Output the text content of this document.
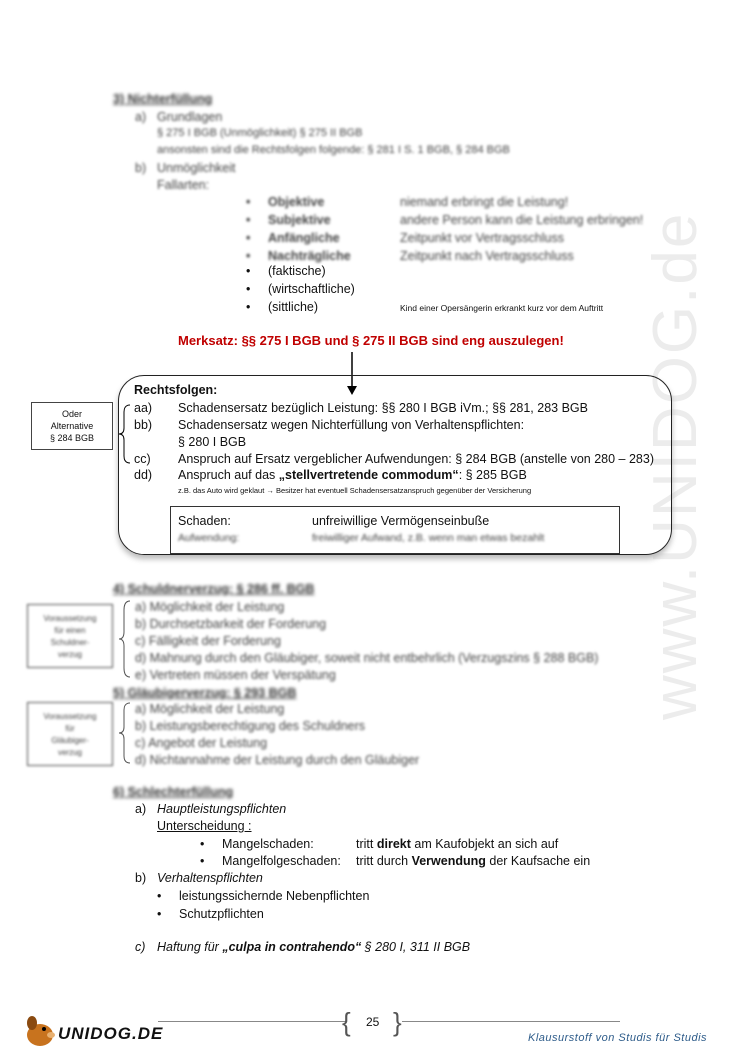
www.UNIDOG.de
3) Nichterfüllung
a) Grundlagen
§ 275 I BGB (Unmöglichkeit) § 275 II BGB
ansonsten sind die Rechtsfolgen folgende: § 281 I S. 1 BGB, § 284 BGB
b) Unmöglichkeit
Fallarten:
• Objektive	niemand erbringt die Leistung!
• Subjektive	andere Person kann die Leistung erbringen!
• Anfängliche	Zeitpunkt vor Vertragsschluss
• Nachträgliche	Zeitpunkt nach Vertragsschluss
• (faktische)
• (wirtschaftliche)
• (sittliche)	Kind einer Opersängerin erkrankt kurz vor dem Auftritt
Merksatz: §§ 275 I BGB und § 275 II BGB sind eng auszulegen!
Oder
Alternative
§ 284 BGB
Rechtsfolgen:
aa) Schadensersatz bezüglich Leistung: §§ 280 I BGB iVm.; §§ 281, 283 BGB
bb) Schadensersatz wegen Nichterfüllung von Verhaltenspflichten:
§ 280 I BGB
cc) Anspruch auf Ersatz vergeblicher Aufwendungen: § 284 BGB (anstelle von 280 – 283)
dd) Anspruch auf das „stellvertretende commodum“: § 285 BGB
z.B. das Auto wird geklaut → Besitzer hat eventuell Schadensersatzanspruch gegenüber der Versicherung
Schaden:	unfreiwillige Vermögenseinbuße
Aufwendung:	freiwilliger Aufwand, z.B. wenn man etwas bezahlt
4) Schuldnerverzug: § 286 ff. BGB
Voraussetzung
für einen
Schuldner-
verzug
a) Möglichkeit der Leistung
b) Durchsetzbarkeit der Forderung
c) Fälligkeit der Forderung
d) Mahnung durch den Gläubiger, soweit nicht entbehrlich (Verzugszins § 288 BGB)
e) Vertreten müssen der Verspätung
5) Gläubigerverzug: § 293 BGB
Voraussetzung
für
Gläubiger-
verzug
a) Möglichkeit der Leistung
b) Leistungsberechtigung des Schuldners
c) Angebot der Leistung
d) Nichtannahme der Leistung durch den Gläubiger
6) Schlechterfüllung
a) Hauptleistungspflichten
Unterscheidung :
• Mangelschaden:	tritt direkt am Kaufobjekt an sich auf
• Mangelfolgeschaden: tritt durch Verwendung der Kaufsache ein
b) Verhaltenspflichten
• leistungssichernde Nebenpflichten
• Schutzpflichten
c) Haftung für „culpa in contrahendo“ § 280 I, 311 II BGB
UNIDOG.DE	{ }
25
Klausurstoff von Studis für Studis
